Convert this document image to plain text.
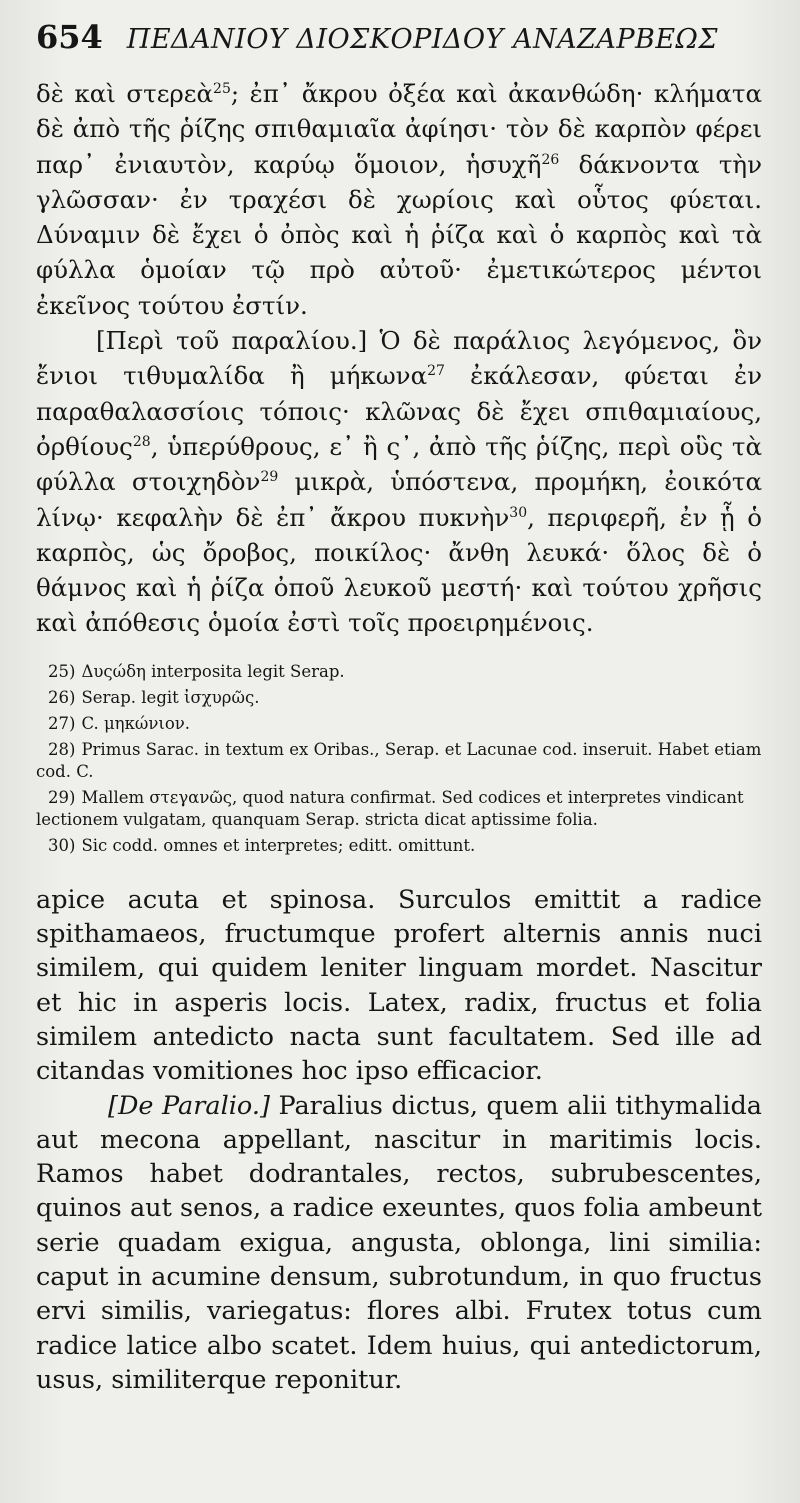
654 ΠΕΔΑΝΙΟΥ ΔΙΟΣΚΟΡΙΔΟΥ ΑΝΑΖΑΡΒΕΩΣ

δὲ καὶ στερεὰ$^{25}$; ἐπ᾽ ἄκρου ὀξέα καὶ ἀκανθώδη· κλήματα δὲ ἀπὸ τῆς ῥίζης σπιθαμιαῖα ἀφίησι· τὸν δὲ καρπὸν φέρει παρ᾽ ἐνιαυτὸν, καρύῳ ὅμοιον, ἡσυχῆ$^{26}$ δάκνοντα τὴν γλῶσσαν· ἐν τραχέσι δὲ χωρίοις καὶ οὗτος φύεται. Δύναμιν δὲ ἔχει ὁ ὀπὸς καὶ ἡ ῥίζα καὶ ὁ καρπὸς καὶ τὰ φύλλα ὁμοίαν τῷ πρὸ αὐτοῦ· ἐμετικώτερος μέντοι ἐκεῖνος τούτου ἐστίν.

[Περὶ τοῦ παραλίου.] Ὁ δὲ παράλιος λεγόμενος, ὃν ἔνιοι τιθυμαλίδα ἢ μήκωνα$^{27}$ ἐκάλεσαν, φύεται ἐν παραθαλασσίοις τόποις· κλῶνας δὲ ἔχει σπιθαμιαίους, ὀρθίους$^{28}$, ὑπερύθρους, ε᾽ ἢ ς᾽, ἀπὸ τῆς ῥίζης, περὶ οὓς τὰ φύλλα στοιχηδὸν$^{29}$ μικρὰ, ὑπόστενα, προμήκη, ἐοικότα λίνῳ· κεφαλὴν δὲ ἐπ᾽ ἄκρου πυκνὴν$^{30}$, περιφερῆ, ἐν ᾗ ὁ καρπὸς, ὡς ὄροβος, ποικίλος· ἄνθη λευκά· ὅλος δὲ ὁ θάμνος καὶ ἡ ῥίζα ὀποῦ λευκοῦ μεστή· καὶ τούτου χρῆσις καὶ ἀπόθεσις ὁμοία ἐστὶ τοῖς προειρημένοις.

25) Δυςώδη interposita legit Serap.

26) Serap. legit ἰσχυρῶς.

27) C. μηκώνιον.

28) Primus Sarac. in textum ex Oribas., Serap. et Lacunae cod. inseruit. Habet etiam cod. C.

29) Mallem στεγανῶς, quod natura confirmat. Sed codices et interpretes vindicant lectionem vulgatam, quanquam Serap. stricta dicat aptissime folia.

30) Sic codd. omnes et interpretes; editt. omittunt.

apice acuta et spinosa. Surculos emittit a radice spithamaeos, fructumque profert alternis annis nuci similem, qui quidem leniter linguam mordet. Nascitur et hic in asperis locis. Latex, radix, fructus et folia similem antedicto nacta sunt facultatem. Sed ille ad citandas vomitiones hoc ipso efficacior.

[De Paralio.] Paralius dictus, quem alii tithymalida aut mecona appellant, nascitur in maritimis locis. Ramos habet dodrantales, rectos, subrubescentes, quinos aut senos, a radice exeuntes, quos folia ambeunt serie quadam exigua, angusta, oblonga, lini similia: caput in acumine densum, subrotundum, in quo fructus ervi similis, variegatus: flores albi. Frutex totus cum radice latice albo scatet. Idem huius, qui antedictorum, usus, similiterque reponitur.
